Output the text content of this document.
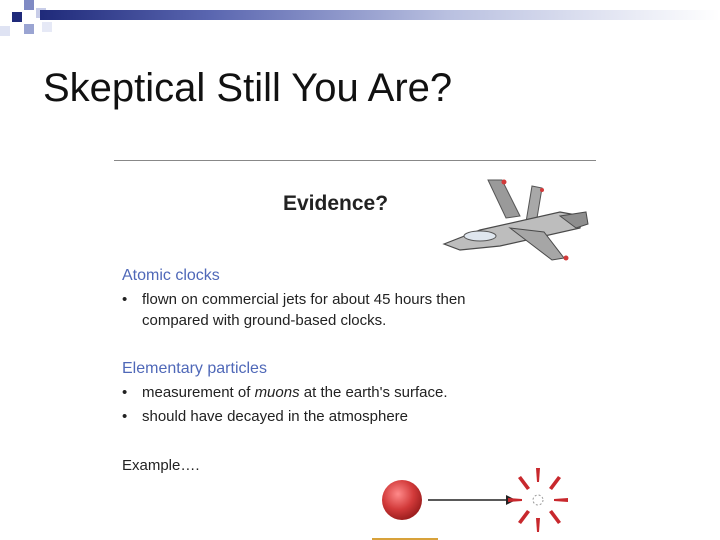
Skeptical Still You Are?
Evidence?
Atomic clocks
• flown on commercial jets for about 45 hours then
compared with ground-based clocks.
Elementary particles
• measurement of muons at the earth's surface.
• should have decayed in the atmosphere
Example….
